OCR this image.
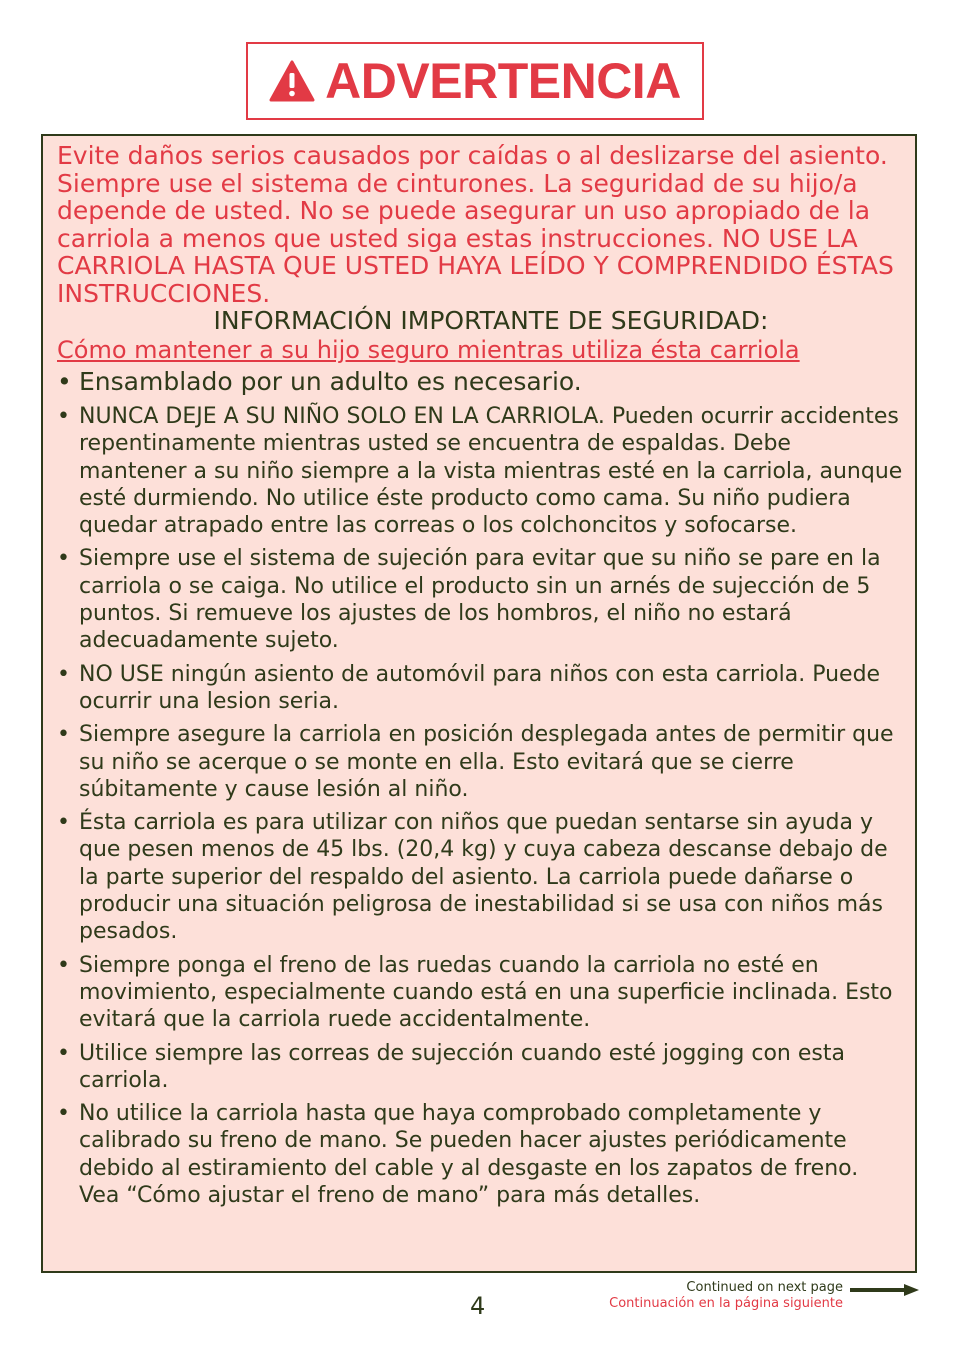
ADVERTENCIA

Evite daños serios causados por caídas o al deslizarse del asiento. Siempre use el sistema de cinturones. La seguridad de su hijo/a depende de usted. No se puede asegurar un uso apropiado de la carriola a menos que usted siga estas instrucciones. NO USE LA CARRIOLA HASTA QUE USTED HAYA LEÍDO Y COMPRENDIDO ÉSTAS INSTRUCCIONES.

INFORMACIÓN IMPORTANTE DE SEGURIDAD:

Cómo mantener a su hijo seguro mientras utiliza ésta carriola

• Ensamblado por un adulto es necesario.
• NUNCA DEJE A SU NIÑO SOLO EN LA CARRIOLA. Pueden ocurrir accidentes repentinamente mientras usted se encuentra de espaldas. Debe mantener a su niño siempre a la vista mientras esté en la carriola, aunque esté durmiendo. No utilice éste producto como cama. Su niño pudiera quedar atrapado entre las correas o los colchoncitos y sofocarse.
• Siempre use el sistema de sujeción para evitar que su niño se pare en la carriola o se caiga. No utilice el producto sin un arnés de sujección de 5 puntos. Si remueve los ajustes de los hombros, el niño no estará adecuadamente sujeto.
• NO USE ningún asiento de automóvil para niños con esta carriola. Puede ocurrir una lesion seria.
• Siempre asegure la carriola en posición desplegada antes de permitir que su niño se acerque o se monte en ella. Esto evitará que se cierre súbitamente y cause lesión al niño.
• Ésta carriola es para utilizar con niños que puedan sentarse sin ayuda y que pesen menos de 45 lbs. (20,4 kg) y cuya cabeza descanse debajo de la parte superior del respaldo del asiento. La carriola puede dañarse o producir una situación peligrosa de inestabilidad si se usa con niños más pesados.
• Siempre ponga el freno de las ruedas cuando la carriola no esté en movimiento, especialmente cuando está en una superficie inclinada. Esto evitará que la carriola ruede accidentalmente.
• Utilice siempre las correas de sujección cuando esté jogging con esta carriola.
• No utilice la carriola hasta que haya comprobado completamente y calibrado su freno de mano. Se pueden hacer ajustes periódicamente debido al estiramiento del cable y al desgaste en los zapatos de freno. Vea “Cómo ajustar el freno de mano” para más detalles.
4
Continued on next page
Continuación en la página siguiente
